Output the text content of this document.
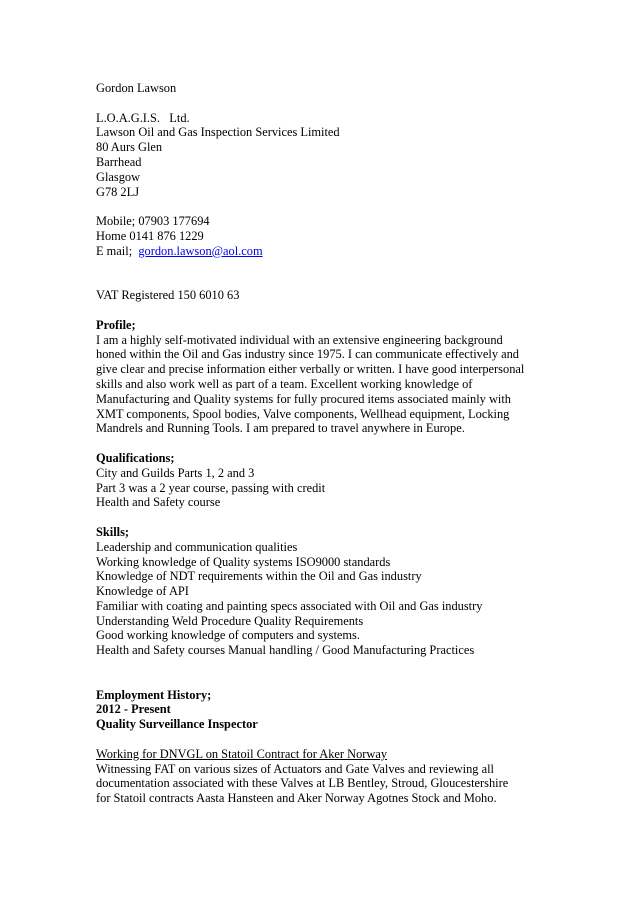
Gordon Lawson
L.O.A.G.I.S.   Ltd.
Lawson Oil and Gas Inspection Services Limited
80 Aurs Glen
Barrhead
Glasgow
G78 2LJ
Mobile; 07903 177694
Home 0141 876 1229
E mail; gordon.lawson@aol.com
VAT Registered 150 6010 63
Profile;
I am a highly self-motivated individual with an extensive engineering background
honed within the Oil and Gas industry since 1975. I can communicate effectively and
give clear and precise information either verbally or written. I have good interpersonal
skills and also work well as part of a team. Excellent working knowledge of
Manufacturing and Quality systems for fully procured items associated mainly with
XMT components, Spool bodies, Valve components, Wellhead equipment, Locking
Mandrels and Running Tools. I am prepared to travel anywhere in Europe.
Qualifications;
City and Guilds Parts 1, 2 and 3
Part 3 was a 2 year course, passing with credit
Health and Safety course
Skills;
Leadership and communication qualities
Working knowledge of Quality systems ISO9000 standards
Knowledge of NDT requirements within the Oil and Gas industry
Knowledge of API
Familiar with coating and painting specs associated with Oil and Gas industry
Understanding Weld Procedure Quality Requirements
Good working knowledge of computers and systems.
Health and Safety courses Manual handling / Good Manufacturing Practices
Employment History;
2012 - Present
Quality Surveillance Inspector
Working for DNVGL on Statoil Contract for Aker Norway
Witnessing FAT on various sizes of Actuators and Gate Valves and reviewing all
documentation associated with these Valves at LB Bentley, Stroud, Gloucestershire
for Statoil contracts Aasta Hansteen and Aker Norway Agotnes Stock and Moho.
